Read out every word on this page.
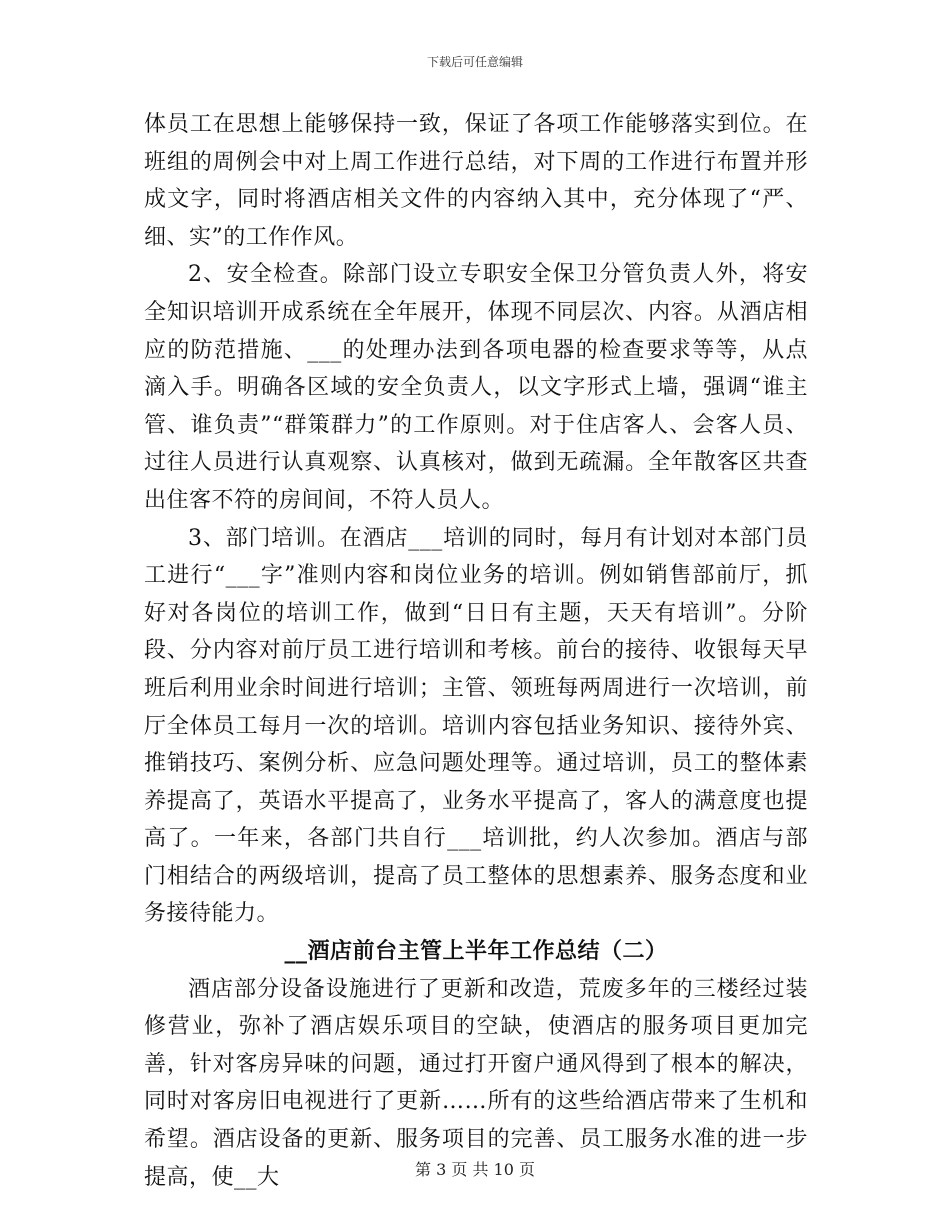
下载后可任意编辑

体员工在思想上能够保持一致，保证了各项工作能够落实到位。在班组的周例会中对上周工作进行总结，对下周的工作进行布置并形成文字，同时将酒店相关文件的内容纳入其中，充分体现了“严、细、实”的工作作风。

2、安全检查。除部门设立专职安全保卫分管负责人外，将安全知识培训开成系统在全年展开，体现不同层次、内容。从酒店相应的防范措施、___的处理办法到各项电器的检查要求等等，从点滴入手。明确各区域的安全负责人，以文字形式上墙，强调“谁主管、谁负责”“群策群力”的工作原则。对于住店客人、会客人员、过往人员进行认真观察、认真核对，做到无疏漏。全年散客区共查出住客不符的房间间，不符人员人。

3、部门培训。在酒店___培训的同时，每月有计划对本部门员工进行“___字”准则内容和岗位业务的培训。例如销售部前厅，抓好对各岗位的培训工作，做到“日日有主题，天天有培训”。分阶段、分内容对前厅员工进行培训和考核。前台的接待、收银每天早班后利用业余时间进行培训；主管、领班每两周进行一次培训，前厅全体员工每月一次的培训。培训内容包括业务知识、接待外宾、推销技巧、案例分析、应急问题处理等。通过培训，员工的整体素养提高了，英语水平提高了，业务水平提高了，客人的满意度也提高了。一年来，各部门共自行___培训批，约人次参加。酒店与部门相结合的两级培训，提高了员工整体的思想素养、服务态度和业务接待能力。

__酒店前台主管上半年工作总结（二）

酒店部分设备设施进行了更新和改造，荒废多年的三楼经过装修营业，弥补了酒店娱乐项目的空缺，使酒店的服务项目更加完善，针对客房异味的问题，通过打开窗户通风得到了根本的解决，同时对客房旧电视进行了更新……所有的这些给酒店带来了生机和希望。酒店设备的更新、服务项目的完善、员工服务水准的进一步提高，使__大	第 3 页 共 10 页
